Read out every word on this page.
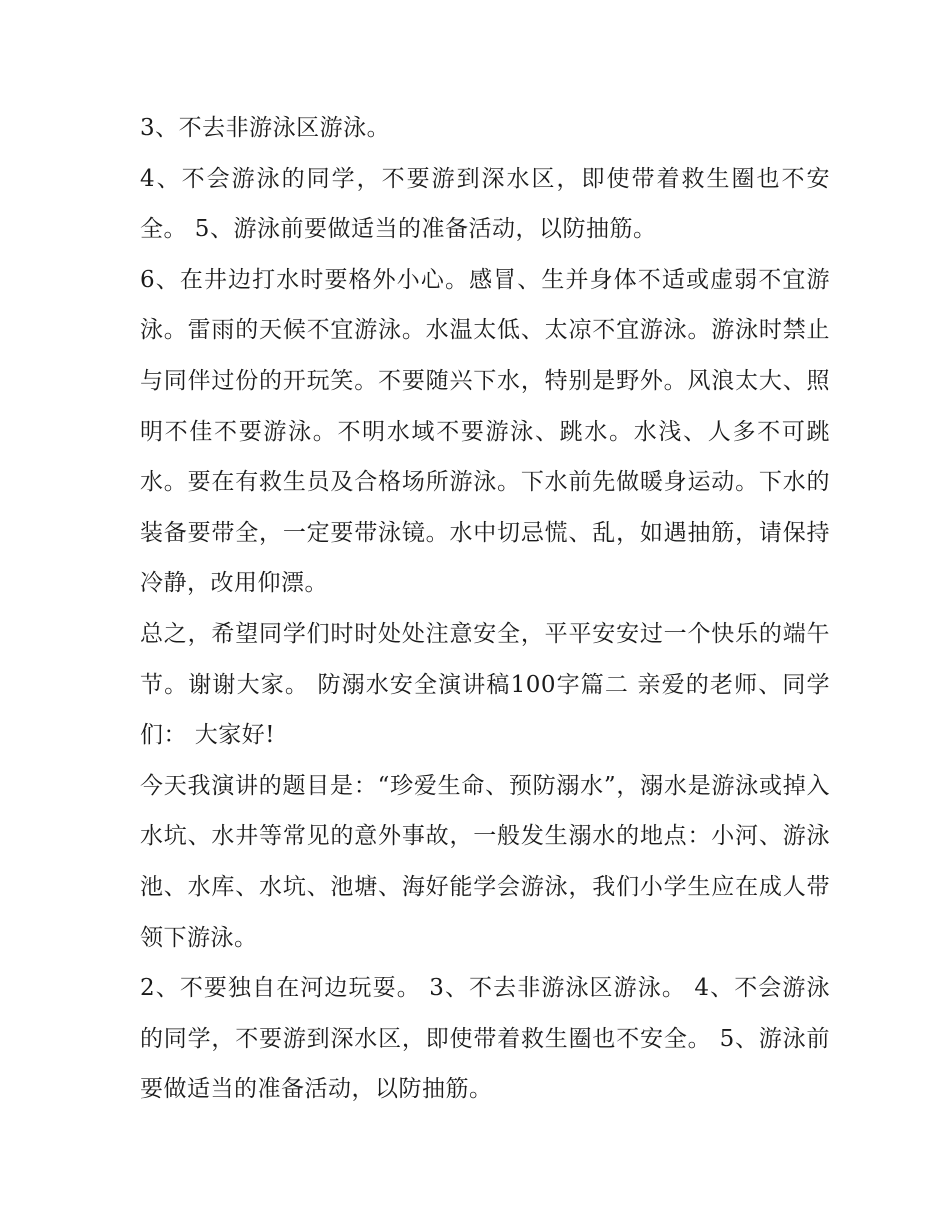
3、不去非游泳区游泳。

4、不会游泳的同学，不要游到深水区，即使带着救生圈也不安全。 5、游泳前要做适当的准备活动，以防抽筋。

6、在井边打水时要格外小心。感冒、生并身体不适或虚弱不宜游泳。雷雨的天候不宜游泳。水温太低、太凉不宜游泳。游泳时禁止与同伴过份的开玩笑。不要随兴下水，特别是野外。风浪太大、照明不佳不要游泳。不明水域不要游泳、跳水。水浅、人多不可跳水。要在有救生员及合格场所游泳。下水前先做暖身运动。下水的装备要带全，一定要带泳镜。水中切忌慌、乱，如遇抽筋，请保持冷静，改用仰漂。

总之，希望同学们时时处处注意安全，平平安安过一个快乐的端午节。谢谢大家。 防溺水安全演讲稿100字篇二 亲爱的老师、同学们： 大家好!

今天我演讲的题目是：“珍爱生命、预防溺水”，溺水是游泳或掉入水坑、水井等常见的意外事故，一般发生溺水的地点：小河、游泳池、水库、水坑、池塘、海好能学会游泳，我们小学生应在成人带领下游泳。

2、不要独自在河边玩耍。 3、不去非游泳区游泳。 4、不会游泳的同学，不要游到深水区，即使带着救生圈也不安全。 5、游泳前要做适当的准备活动，以防抽筋。
